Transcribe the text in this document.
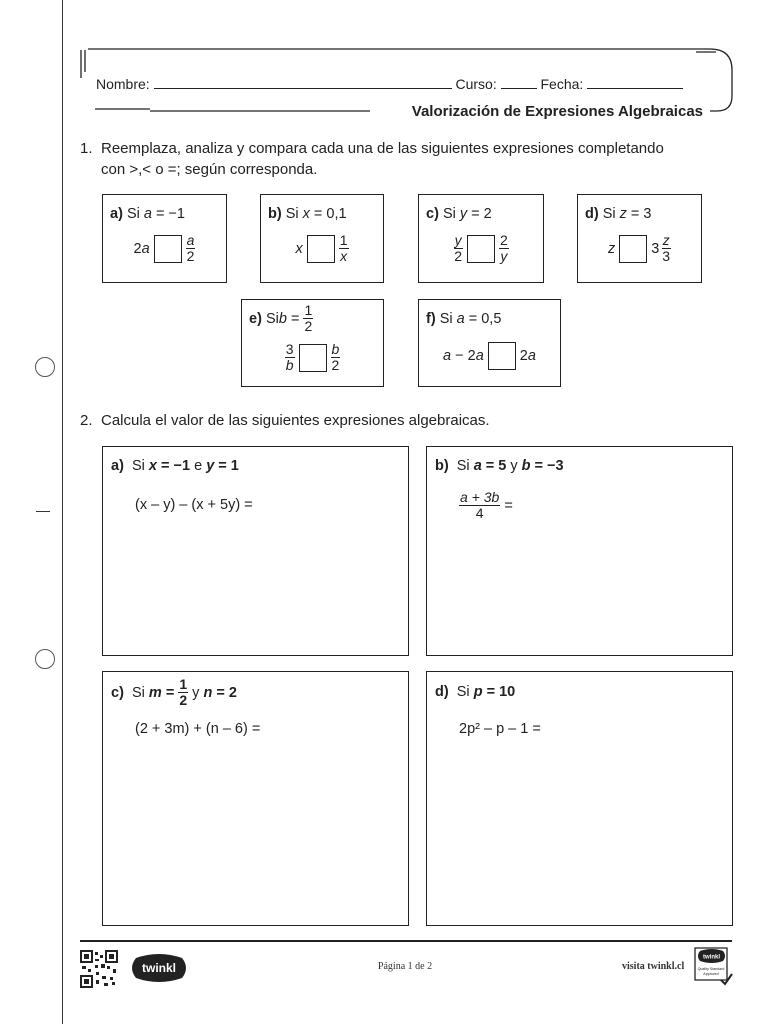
Nombre:	Curso:	Fecha:
Valorización de Expresiones Algebraicas
1. Reemplaza, analiza y compara cada una de las siguientes expresiones completando
con >,< o =; según corresponda.
a) Si a = −1
2a	$\frac{a}{2}$
b) Si x = 0,1
x	$\frac{1}{x}$
c) Si y = 2
$\frac{y}{2}$	$\frac{2}{y}$
d) Si z = 3
z $3 \frac{z}{3}$
e)
Si $b = \frac{1}{2}$
$\frac{3}{b}$	$\frac{b}{2}$
f) Si a = 0,5
a − 2a 2a
2. Calcula el valor de las siguientes expresiones algebraicas.
a) Si x = −1 e y = 1
(x – y) – (x + 5y) =
b) Si a = 5 y b = −3
$\frac{a + 3b}{4}$ =
c)
Si
$m = \frac{1}{2}$
y
n = 2
(2 + 3m) + (n – 6) =
d) Si p = 10
2p² – p – 1 =
twinkl	Página 1 de 2	visita twinkl.cl
twinkl
Quality Standard
Approved
